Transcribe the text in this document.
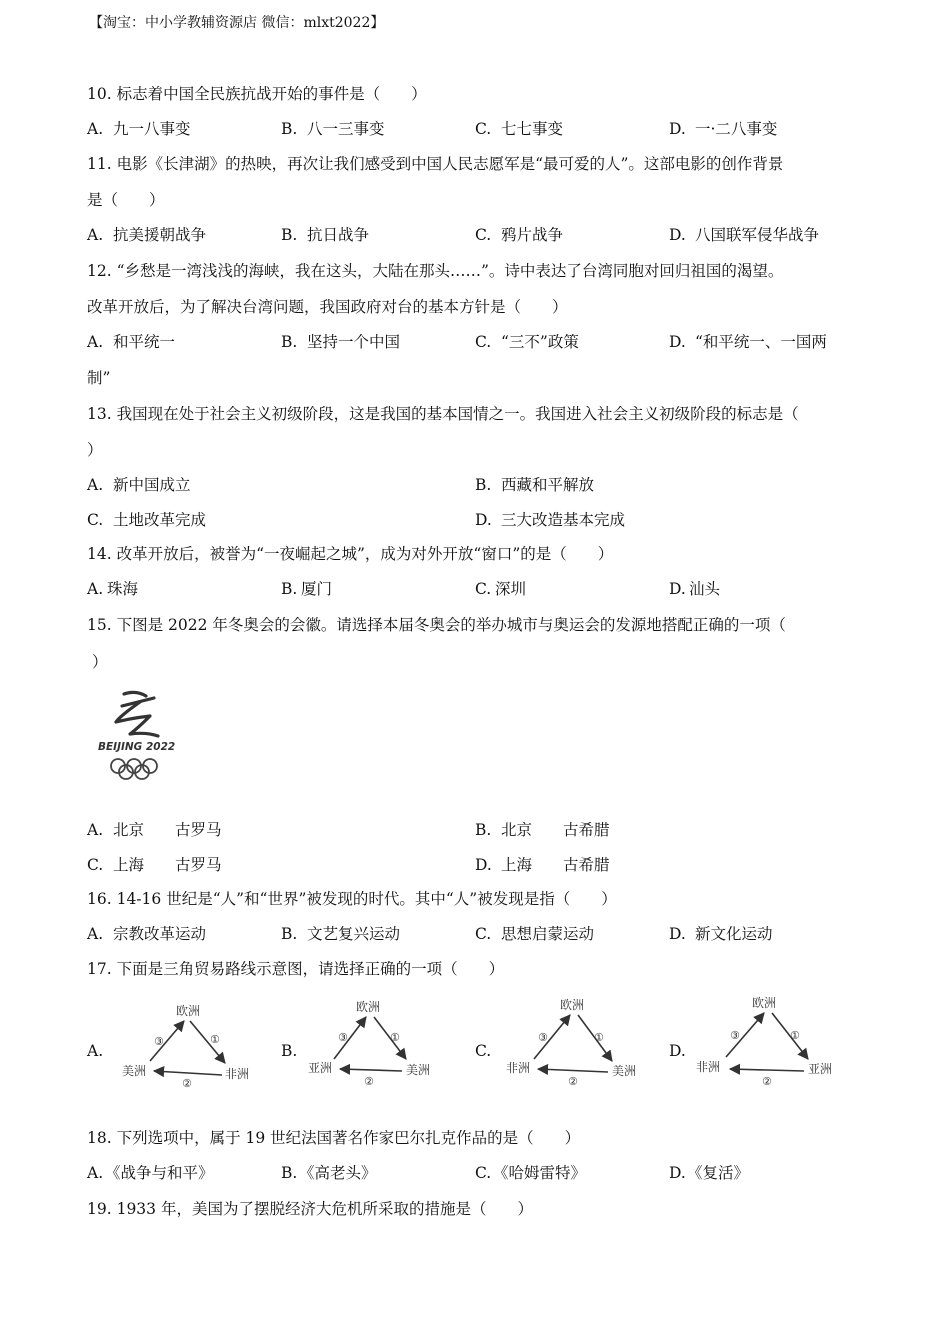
【淘宝：中小学教辅资源店 微信：mlxt2022】
10. 标志着中国全民族抗战开始的事件是（　　）
A. 九一八事变	B. 八一三事变	C. 七七事变	D. 一·二八事变
11. 电影《长津湖》的热映，再次让我们感受到中国人民志愿军是“最可爱的人”。这部电影的创作背景
是（　　）
A. 抗美援朝战争	B. 抗日战争	C. 鸦片战争	D. 八国联军侵华战争
12. “乡愁是一湾浅浅的海峡，我在这头，大陆在那头……”。诗中表达了台湾同胞对回归祖国的渴望。
改革开放后，为了解决台湾问题，我国政府对台的基本方针是（　　）
A. 和平统一	B. 坚持一个中国	C. “三不”政策	D. “和平统一、一国两
制”
13. 我国现在处于社会主义初级阶段，这是我国的基本国情之一。我国进入社会主义初级阶段的标志是（
）
A. 新中国成立	B. 西藏和平解放
C. 土地改革完成	D. 三大改造基本完成
14. 改革开放后，被誉为“一夜崛起之城”，成为对外开放“窗口”的是（　　）
A. 珠海	B. 厦门	C. 深圳	D. 汕头
15. 下图是 2022 年冬奥会的会徽。请选择本届冬奥会的举办城市与奥运会的发源地搭配正确的一项（
）
BEIJING 2022
A. 北京　　古罗马	B. 北京　　古希腊
C. 上海　　古罗马	D. 上海　　古希腊
16. 14-16 世纪是“人”和“世界”被发现的时代。其中“人”被发现是指（　　）
A. 宗教改革运动	B. 文艺复兴运动	C. 思想启蒙运动	D. 新文化运动
17. 下面是三角贸易路线示意图，请选择正确的一项（　　）
A.
欧洲
美洲	非洲
①
②
③
B.
欧洲
亚洲	美洲
①
②
③
C.
欧洲
非洲	美洲
①
②
③
D.
欧洲
非洲	亚洲
①
②
③
18. 下列选项中，属于 19 世纪法国著名作家巴尔扎克作品的是（　　）
A. 《战争与和平》	B. 《高老头》	C. 《哈姆雷特》	D.《复活》
19. 1933 年，美国为了摆脱经济大危机所采取的措施是（　　）
